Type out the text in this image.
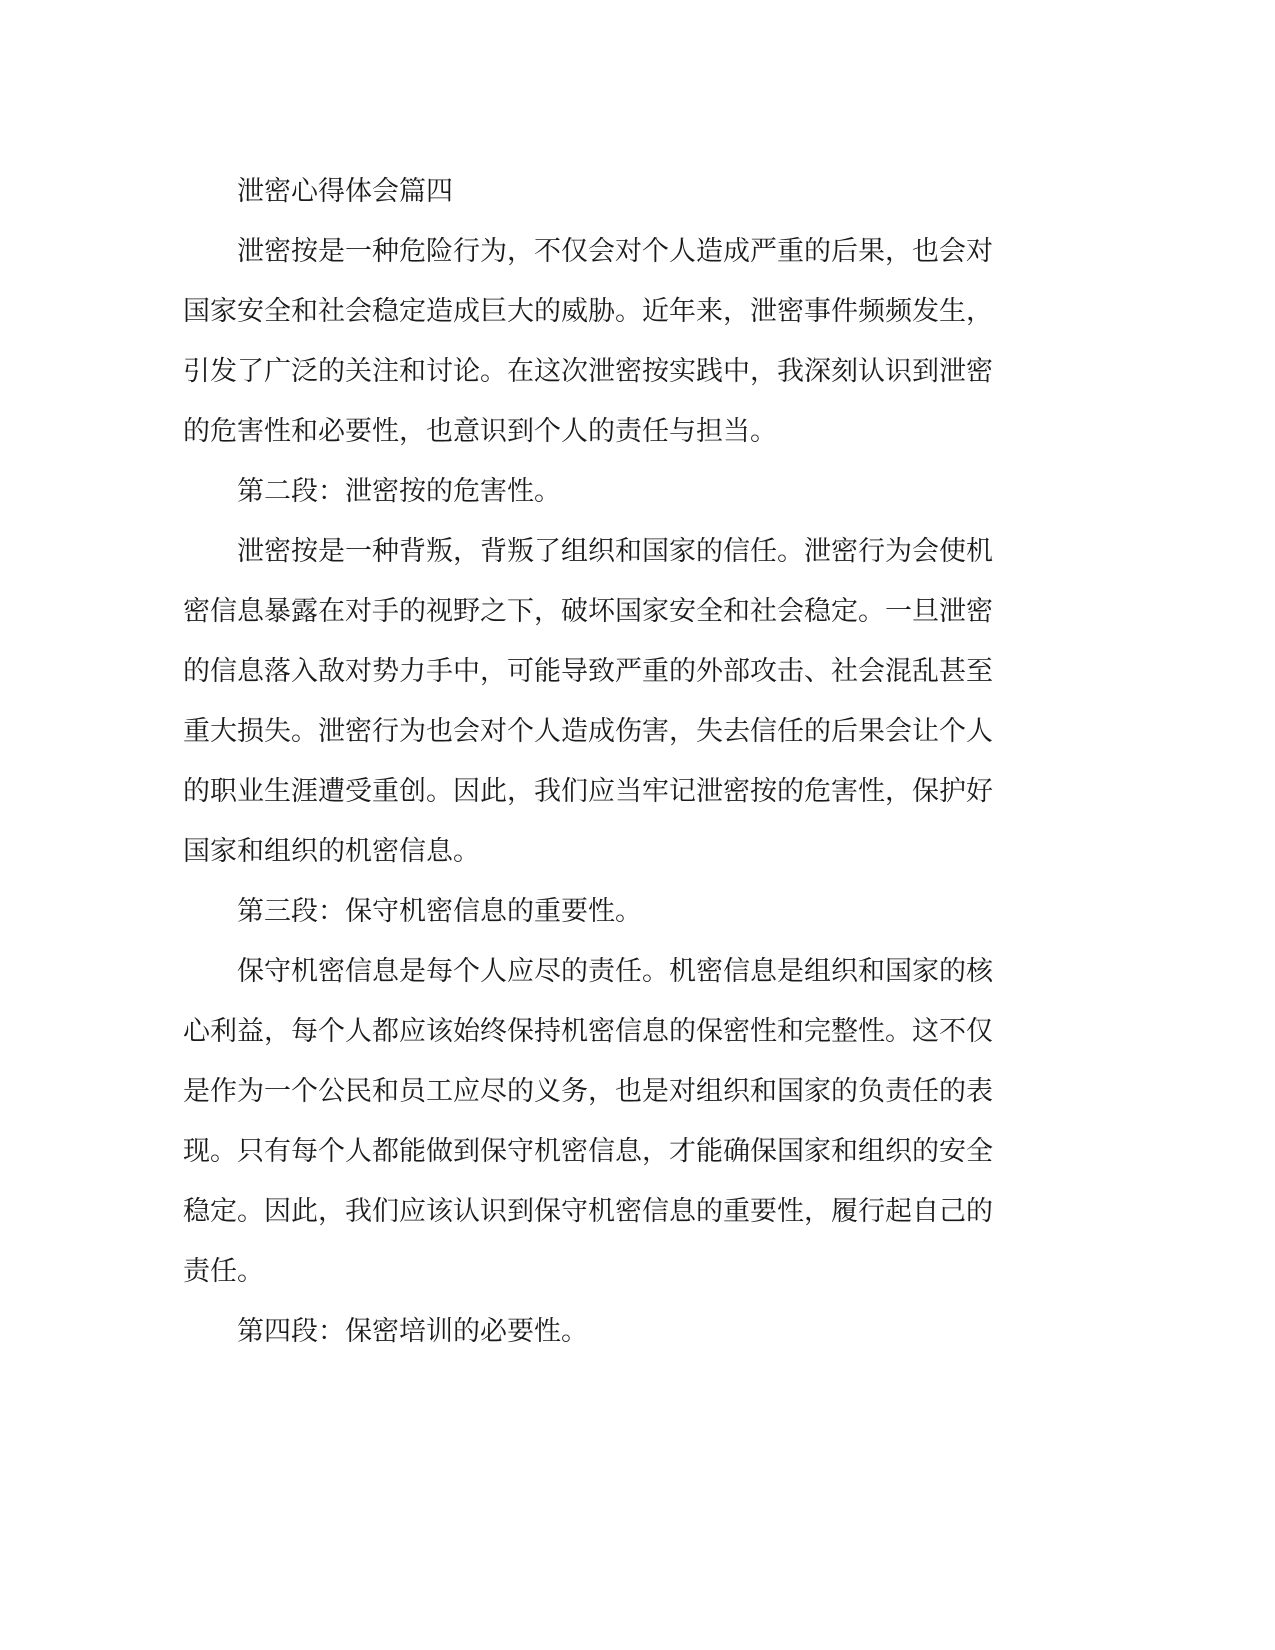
泄密心得体会篇四
泄密按是一种危险行为，不仅会对个人造成严重的后果，也会对
国家安全和社会稳定造成巨大的威胁。近年来，泄密事件频频发生，
引发了广泛的关注和讨论。在这次泄密按实践中，我深刻认识到泄密
的危害性和必要性，也意识到个人的责任与担当。
第二段：泄密按的危害性。
泄密按是一种背叛，背叛了组织和国家的信任。泄密行为会使机
密信息暴露在对手的视野之下，破坏国家安全和社会稳定。一旦泄密
的信息落入敌对势力手中，可能导致严重的外部攻击、社会混乱甚至
重大损失。泄密行为也会对个人造成伤害，失去信任的后果会让个人
的职业生涯遭受重创。因此，我们应当牢记泄密按的危害性，保护好
国家和组织的机密信息。
第三段：保守机密信息的重要性。
保守机密信息是每个人应尽的责任。机密信息是组织和国家的核
心利益，每个人都应该始终保持机密信息的保密性和完整性。这不仅
是作为一个公民和员工应尽的义务，也是对组织和国家的负责任的表
现。只有每个人都能做到保守机密信息，才能确保国家和组织的安全
稳定。因此，我们应该认识到保守机密信息的重要性，履行起自己的
责任。
第四段：保密培训的必要性。
